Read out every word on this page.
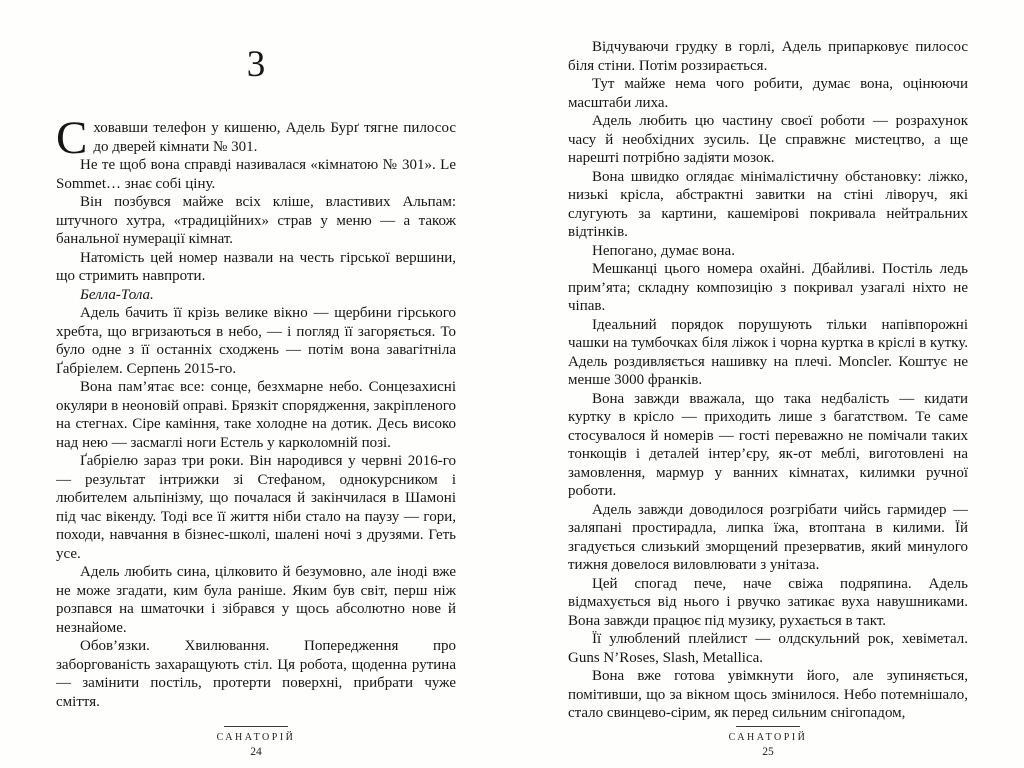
3

Сховавши телефон у кишеню, Адель Бурґ тягне пилосос до дверей кімнати № 301.

Не те щоб вона справді називалася «кімнатою № 301». Le Sommet… знає собі ціну.

Він позбувся майже всіх кліше, властивих Альпам: штучного хутра, «традиційних» страв у меню — а також банальної нумерації кімнат.

Натомість цей номер назвали на честь гірської вершини, що стримить навпроти.

Белла-Тола.

Адель бачить її крізь велике вікно — щербини гірського хребта, що вгризаються в небо, — і погляд її загоряється. То було одне з її останніх сходжень — потім вона завагітніла Ґабріелем. Серпень 2015-го.

Вона пам’ятає все: сонце, безхмарне небо. Сонцезахисні окуляри в неоновій оправі. Брязкіт спорядження, закріпленого на стегнах. Сіре каміння, таке холодне на дотик. Десь високо над нею — засмаглі ноги Естель у карколомній позі.

Ґабріелю зараз три роки. Він народився у червні 2016-го — результат інтрижки зі Стефаном, однокурсником і любителем альпінізму, що почалася й закінчилася в Шамоні під час вікенду. Тоді все її життя ніби стало на паузу — гори, походи, навчання в бізнес-школі, шалені ночі з друзями. Геть усе.

Адель любить сина, цілковито й безумовно, але іноді вже не може згадати, ким була раніше. Яким був світ, перш ніж розпався на шматочки і зібрався у щось абсолютно нове й незнайоме.

Обов’язки. Хвилювання. Попередження про заборгованість захаращують стіл. Ця робота, щоденна рутина — замінити постіль, протерти поверхні, прибрати чуже сміття.

САНАТОРІЙ
24

Відчуваючи грудку в горлі, Адель припарковує пилосос біля стіни. Потім роззирається.

Тут майже нема чого робити, думає вона, оцінюючи масштаби лиха.

Адель любить цю частину своєї роботи — розрахунок часу й необхідних зусиль. Це справжнє мистецтво, а ще нарешті потрібно задіяти мозок.

Вона швидко оглядає мінімалістичну обстановку: ліжко, низькі крісла, абстрактні завитки на стіні ліворуч, які слугують за картини, кашемірові покривала нейтральних відтінків.

Непогано, думає вона.

Мешканці цього номера охайні. Дбайливі. Постіль ледь прим’ята; складну композицію з покривал узагалі ніхто не чіпав.

Ідеальний порядок порушують тільки напівпорожні чашки на тумбочках біля ліжок і чорна куртка в кріслі в кутку. Адель роздивляється нашивку на плечі. Moncler. Коштує не менше 3000 франків.

Вона завжди вважала, що така недбалість — кидати куртку в крісло — приходить лише з багатством. Те саме стосувалося й номерів — гості переважно не помічали таких тонкощів і деталей інтер’єру, як-от меблі, виготовлені на замовлення, мармур у ванних кімнатах, килимки ручної роботи.

Адель завжди доводилося розгрібати чийсь гармидер — заляпані простирадла, липка їжа, втоптана в килими. Їй згадується слизький зморщений презерватив, який минулого тижня довелося виловлювати з унітаза.

Цей спогад пече, наче свіжа подряпина. Адель відмахується від нього і рвучко затикає вуха навушниками. Вона завжди працює під музику, рухається в такт.

Її улюблений плейлист — олдскульний рок, хевіметал. Guns N’Roses, Slash, Metallica.

Вона вже готова увімкнути його, але зупиняється, помітивши, що за вікном щось змінилося. Небо потемнішало, стало свинцево-сірим, як перед сильним снігопадом,

САНАТОРІЙ
25
